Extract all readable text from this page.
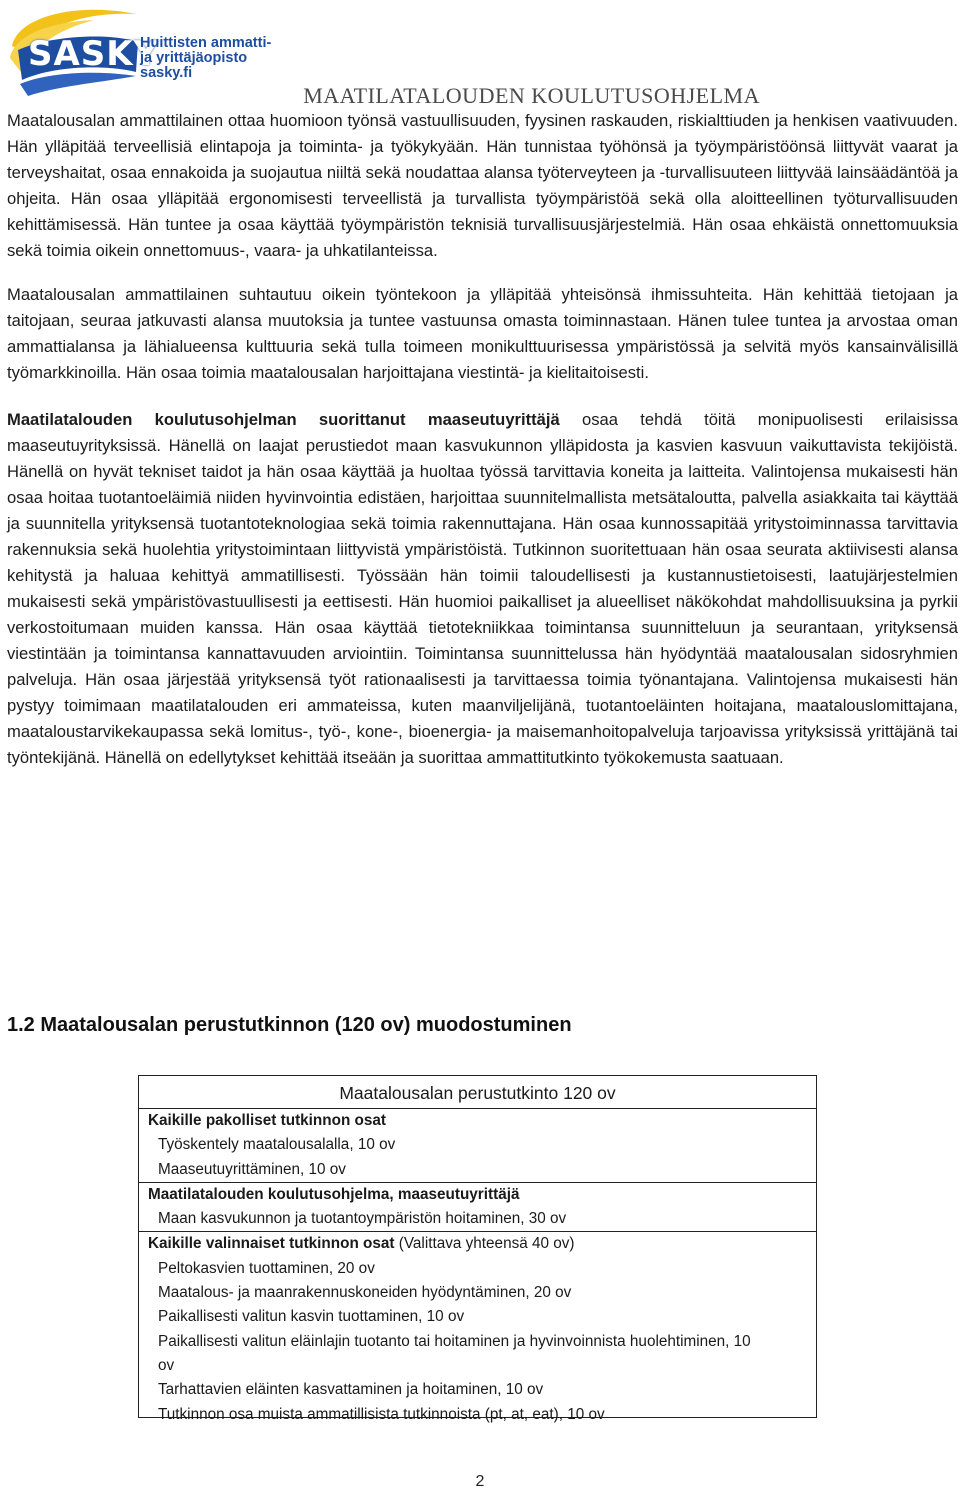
SASKY
Huittisten ammatti-
ja yrittäjäopisto
sasky.fi
MAATILATALOUDEN KOULUTUSOHJELMA

Maatalousalan ammattilainen ottaa huomioon työnsä vastuullisuuden, fyysinen raskauden, riskialttiuden ja henkisen vaativuuden. Hän ylläpitää terveellisiä elintapoja ja toiminta- ja työkykyään. Hän tunnistaa työhönsä ja työympäristöönsä liittyvät vaarat ja terveyshaitat, osaa ennakoida ja suojautua niiltä sekä noudattaa alansa työterveyteen ja -turvallisuuteen liittyvää lainsäädäntöä ja ohjeita. Hän osaa ylläpitää ergonomisesti terveellistä ja turvallista työympäristöä sekä olla aloitteellinen työturvallisuuden kehittämisessä. Hän tuntee ja osaa käyttää työympäristön teknisiä turvallisuusjärjestelmiä. Hän osaa ehkäistä onnettomuuksia sekä toimia oikein onnettomuus-, vaara- ja uhkatilanteissa.

Maatalousalan ammattilainen suhtautuu oikein työntekoon ja ylläpitää yhteisönsä ihmissuhteita. Hän kehittää tietojaan ja taitojaan, seuraa jatkuvasti alansa muutoksia ja tuntee vastuunsa omasta toiminnastaan. Hänen tulee tuntea ja arvostaa oman ammattialansa ja lähialueensa kulttuuria sekä tulla toimeen monikulttuurisessa ympäristössä ja selvitä myös kansainvälisillä työmarkkinoilla. Hän osaa toimia maatalousalan harjoittajana viestintä- ja kielitaitoisesti.

Maatilatalouden koulutusohjelman suorittanut maaseutuyrittäjä osaa tehdä töitä monipuolisesti erilaisissa maaseutuyrityksissä. Hänellä on laajat perustiedot maan kasvukunnon ylläpidosta ja kasvien kasvuun vaikuttavista tekijöistä. Hänellä on hyvät tekniset taidot ja hän osaa käyttää ja huoltaa työssä tarvittavia koneita ja laitteita. Valintojensa mukaisesti hän osaa hoitaa tuotantoeläimiä niiden hyvinvointia edistäen, harjoittaa suunnitelmallista metsätaloutta, palvella asiakkaita tai käyttää ja suunnitella yrityksensä tuotantoteknologiaa sekä toimia rakennuttajana. Hän osaa kunnossapitää yritystoiminnassa tarvittavia rakennuksia sekä huolehtia yritystoimintaan liittyvistä ympäristöistä. Tutkinnon suoritettuaan hän osaa seurata aktiivisesti alansa kehitystä ja haluaa kehittyä ammatillisesti. Työssään hän toimii taloudellisesti ja kustannustietoisesti, laatujärjestelmien mukaisesti sekä ympäristövastuullisesti ja eettisesti. Hän huomioi paikalliset ja alueelliset näkökohdat mahdollisuuksina ja pyrkii verkostoitumaan muiden kanssa. Hän osaa käyttää tietotekniikkaa toimintansa suunnitteluun ja seurantaan, yrityksensä viestintään ja toimintansa kannattavuuden arviointiin. Toimintansa suunnittelussa hän hyödyntää maatalousalan sidosryhmien palveluja. Hän osaa järjestää yrityksensä työt rationaalisesti ja tarvittaessa toimia työnantajana. Valintojensa mukaisesti hän pystyy toimimaan maatilatalouden eri ammateissa, kuten maanviljelijänä, tuotantoeläinten hoitajana, maatalouslomittajana, maataloustarvikekaupassa sekä lomitus-, työ-, kone-, bioenergia- ja maisemanhoitopalveluja tarjoavissa yrityksissä yrittäjänä tai työntekijänä. Hänellä on edellytykset kehittää itseään ja suorittaa ammattitutkinto työkokemusta saatuaan.

1.2 Maatalousalan perustutkinnon (120 ov) muodostuminen
Maatalousalan perustutkinto 120 ov
Kaikille pakolliset tutkinnon osat
Työskentely maatalousalalla, 10 ov
Maaseutuyrittäminen, 10 ov
Maatilatalouden koulutusohjelma, maaseutuyrittäjä
Maan kasvukunnon ja tuotantoympäristön hoitaminen, 30 ov
Kaikille valinnaiset tutkinnon osat (Valittava yhteensä 40 ov)
Peltokasvien tuottaminen, 20 ov
Maatalous- ja maanrakennuskoneiden hyödyntäminen, 20 ov
Paikallisesti valitun kasvin tuottaminen, 10 ov
Paikallisesti valitun eläinlajin tuotanto tai hoitaminen ja hyvinvoinnista huolehtiminen, 10 ov
Tarhattavien eläinten kasvattaminen ja hoitaminen, 10 ov
Tutkinnon osa muista ammatillisista tutkinnoista (pt, at, eat), 10 ov
2
